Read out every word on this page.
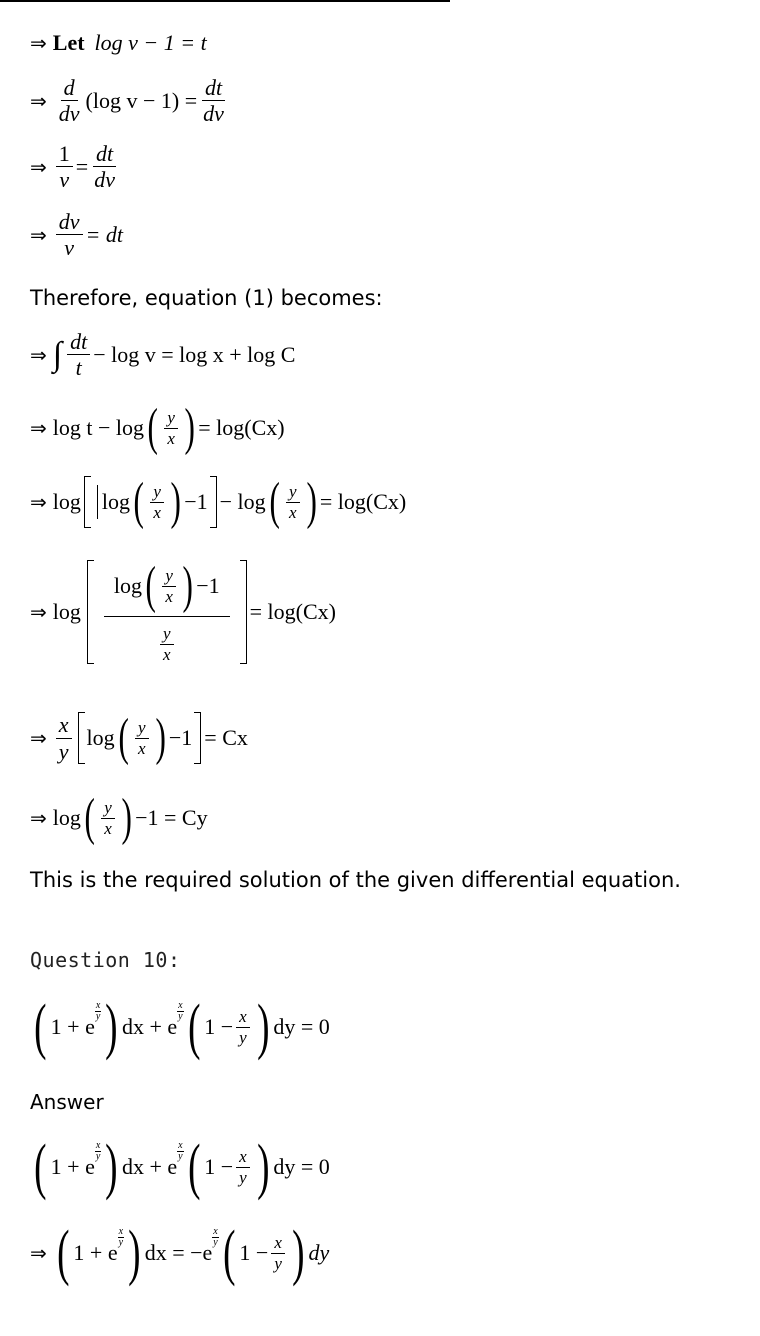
⇒ Let log v − 1 = t
⇒ $\frac{d}{dv} (\log$ $v - 1) = \frac{dt}{dv}$
⇒ $\frac{1}{v} = \frac{dt}{dv}$
⇒ $\frac{dv}{v}$ = dt
Therefore, equation (1) becomes:
⇒ ∫ $\frac{dt}{t} - \log v = \log x + \log C$
⇒ log t − log ( $\frac{y}{x}$ ) = log(Cx)
⇒ log log ( $\frac{y}{x}$ ) −1 − log ( $\frac{y}{x}$ ) = log(Cx)
⇒ log
log ( $\frac{y}{x}$ ) −1
$\frac{y}{x}$
= log(Cx)
⇒ $\frac{x}{y}$ log ( $\frac{y}{x}$ ) −1 = Cx
⇒ log ( $\frac{y}{x}$ ) −1 = Cy
This is the required solution of the given differential equation.
Question 10:
( 1 + e
x
y ) dx + e
x
y ( $1 - \frac{x}{y}$ ) dy = 0
Answer
( 1 + e
x
y ) dx + e
x
y ( $1 - \frac{x}{y}$ ) dy = 0
⇒ ( 1 + e
x
y ) dx = −e
x
y ( $1 - \frac{x}{y}$ ) dy
